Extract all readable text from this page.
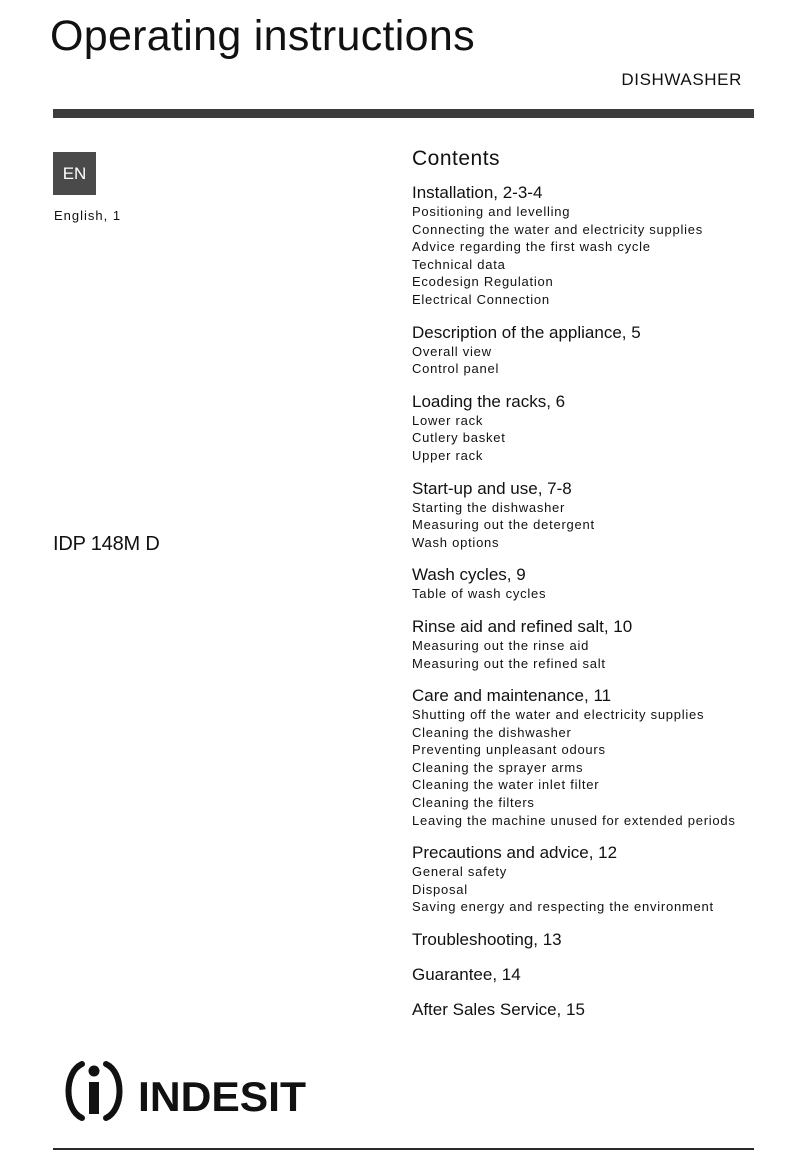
Operating instructions
DISHWASHER
EN
English, 1
IDP 148M D
Contents
Installation, 2-3-4
Positioning and levelling
Connecting the water and electricity supplies
Advice regarding the first wash cycle
Technical data
Ecodesign Regulation
Electrical Connection
Description of the appliance, 5
Overall view
Control panel
Loading the racks, 6
Lower rack
Cutlery basket
Upper rack
Start-up and use, 7-8
Starting the dishwasher
Measuring out the detergent
Wash options
Wash cycles, 9
Table of wash cycles
Rinse aid and refined salt, 10
Measuring out the rinse aid
Measuring out the refined salt
Care and maintenance, 11
Shutting off the water and electricity supplies
Cleaning the dishwasher
Preventing unpleasant odours
Cleaning the sprayer arms
Cleaning the water inlet filter
Cleaning the filters
Leaving the machine unused for extended periods
Precautions and advice, 12
General safety
Disposal
Saving energy and respecting the environment
Troubleshooting, 13
Guarantee, 14
After Sales Service, 15
INDESIT
